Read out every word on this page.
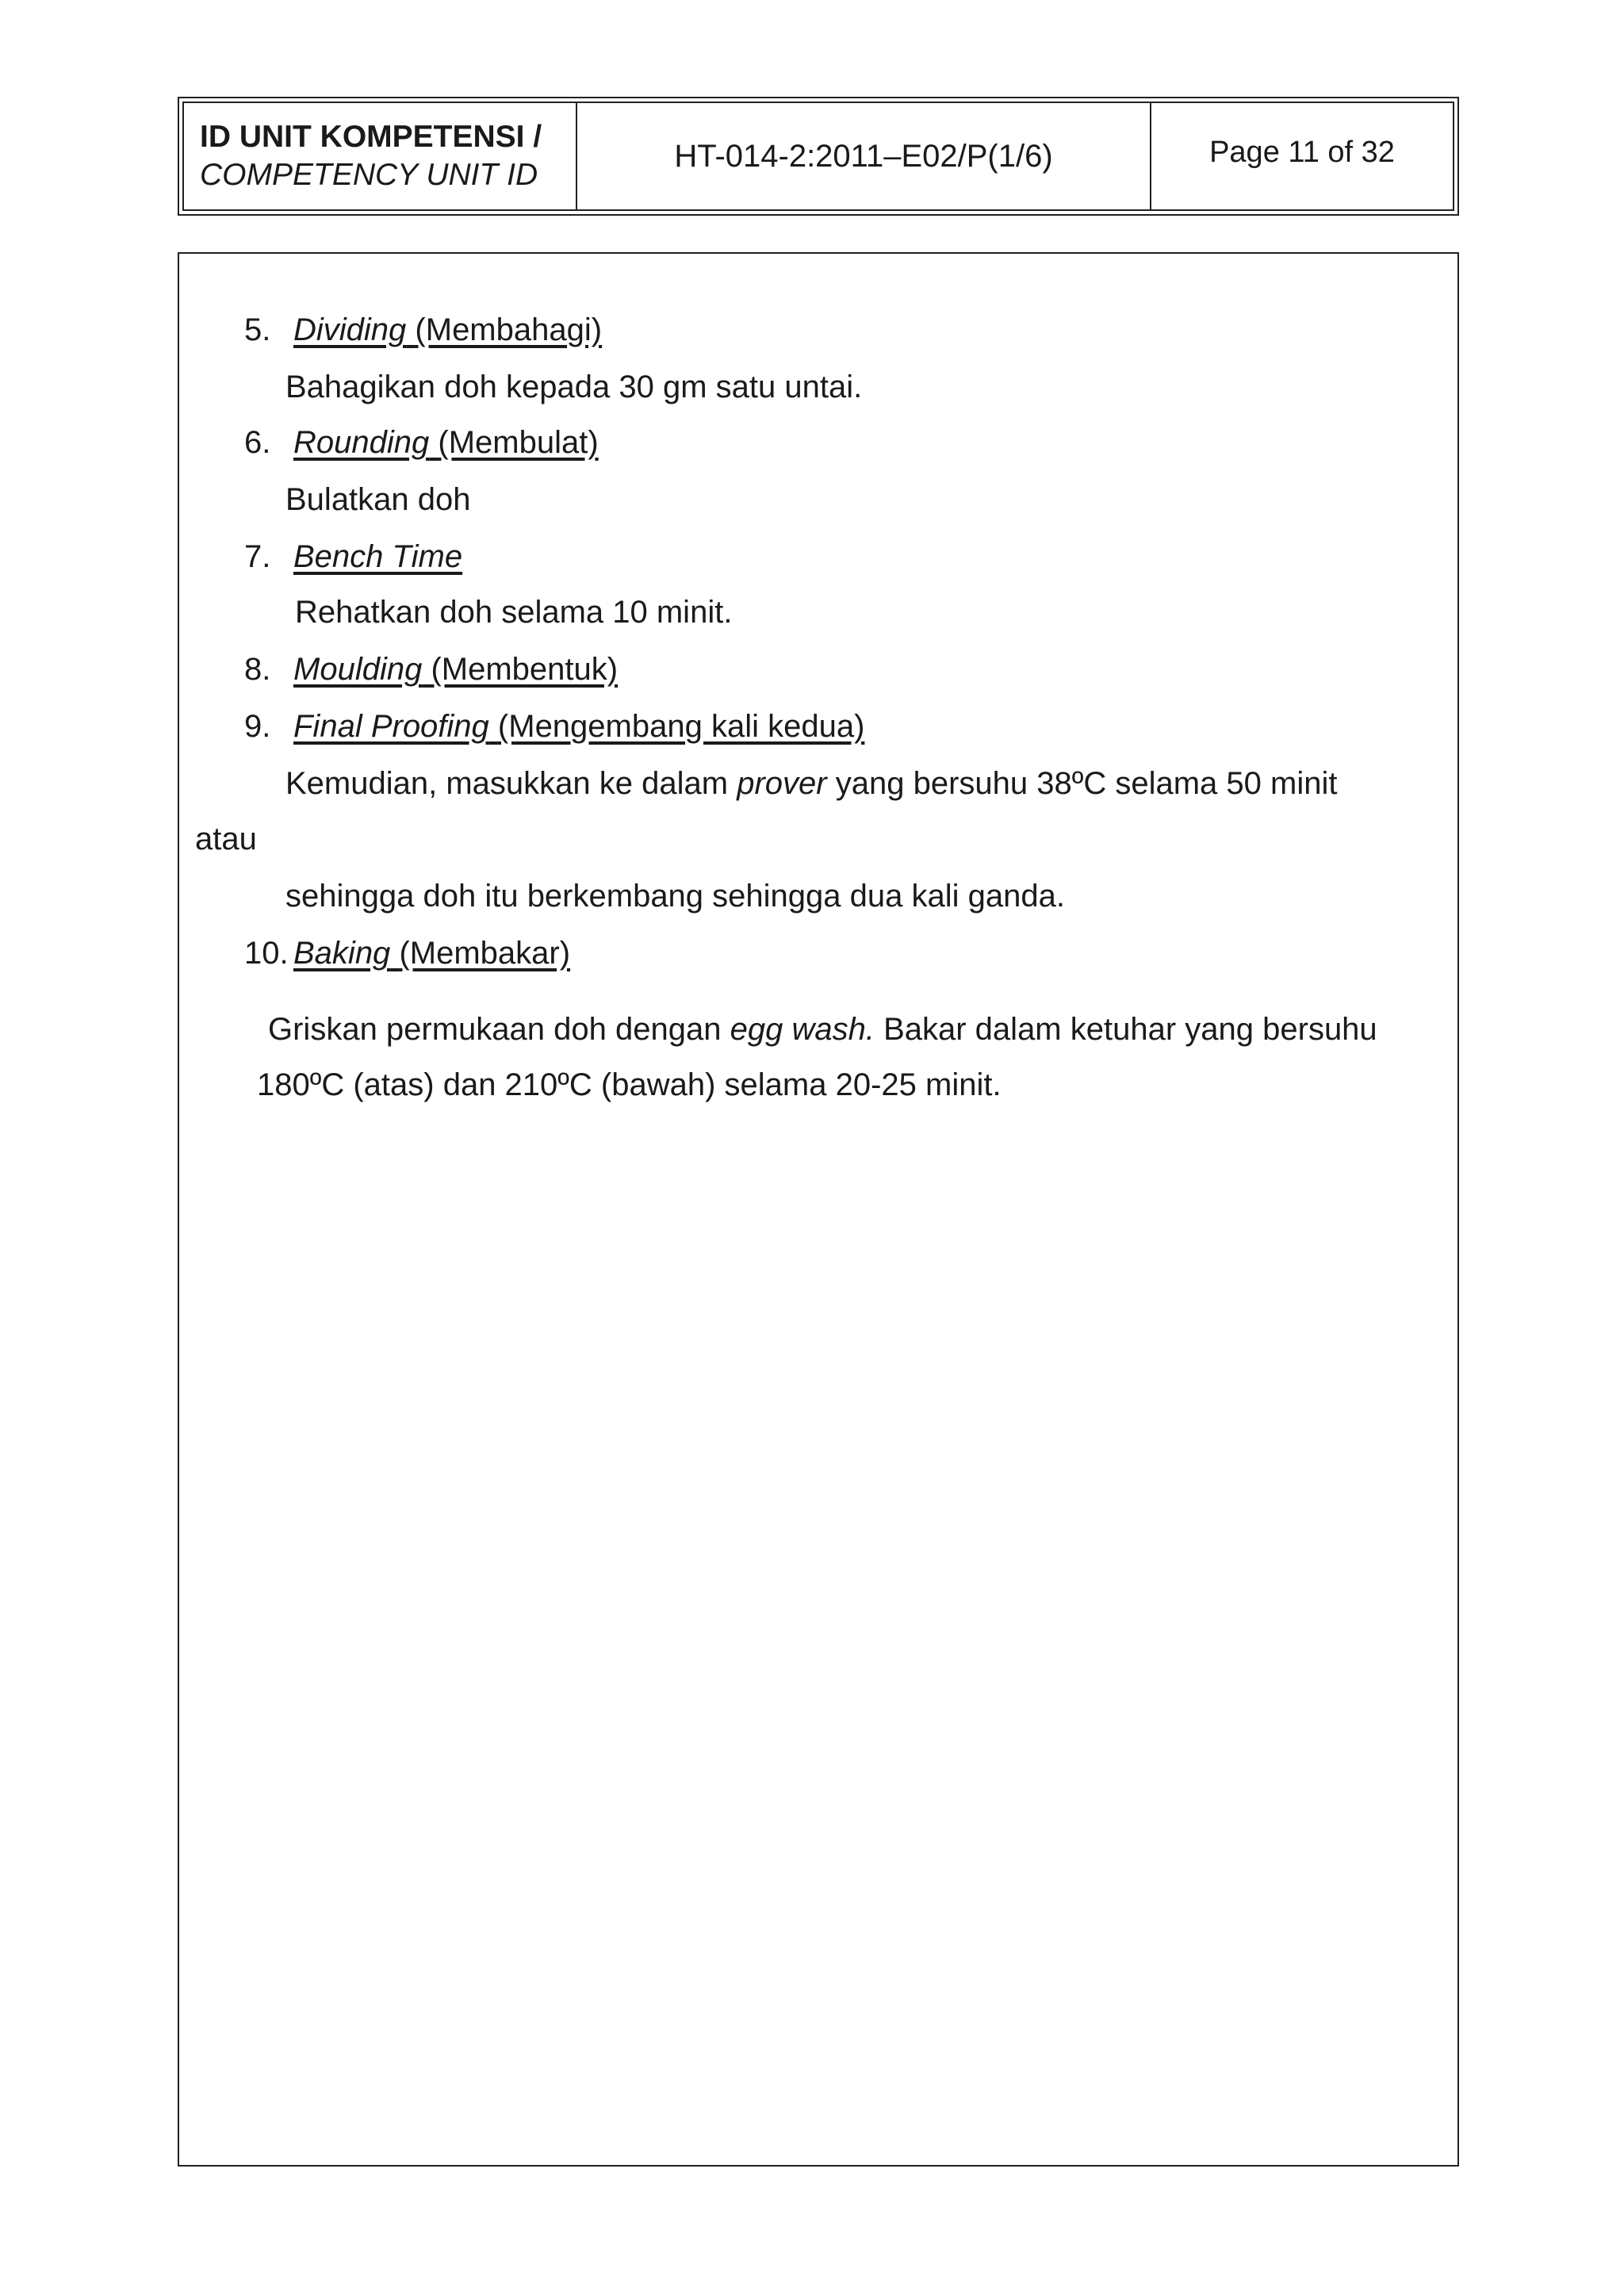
ID UNIT KOMPETENSI /
COMPETENCY UNIT ID
HT-014-2:2011–E02/P(1/6)	Page 11 of 32
5. Dividing (Membahagi)
Bahagikan doh kepada 30 gm satu untai.
6. Rounding (Membulat)
Bulatkan doh
7. Bench Time
Rehatkan doh selama 10 minit.
8. Moulding (Membentuk)
9. Final Proofing (Mengembang kali kedua)
Kemudian, masukkan ke dalam prover yang bersuhu 38ºC selama 50 minit
atau
sehingga doh itu berkembang sehingga dua kali ganda.
10. Baking (Membakar)
Griskan permukaan doh dengan egg wash. Bakar dalam ketuhar yang bersuhu
180ºC (atas) dan 210ºC (bawah) selama 20-25 minit.
